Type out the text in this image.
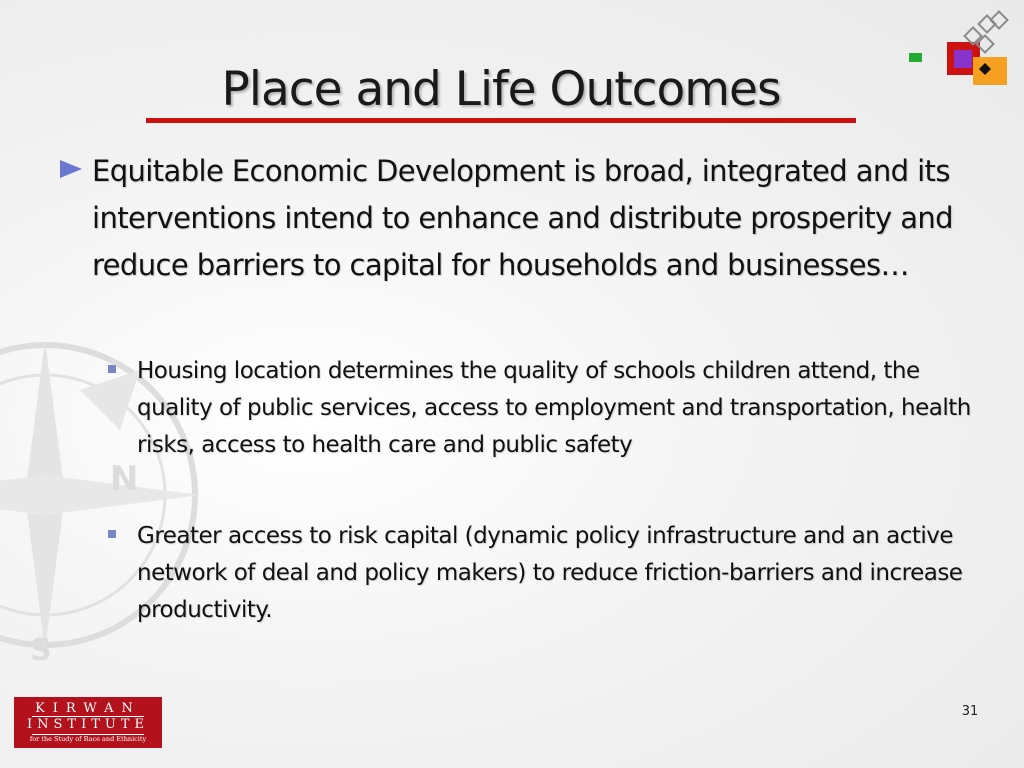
N
S
Place and Life Outcomes
Equitable Economic Development is broad, integrated and its interventions intend to enhance and distribute prosperity and reduce barriers to capital for households and businesses…
Housing location determines the quality of schools children attend, the quality of public services, access to employment and transportation, health risks, access to health care and public safety
Greater access to risk capital (dynamic policy infrastructure and an active network of deal and policy makers) to reduce friction-barriers and increase productivity.
KIRWAN
INSTITUTE
for the Study of Race and Ethnicity
31
